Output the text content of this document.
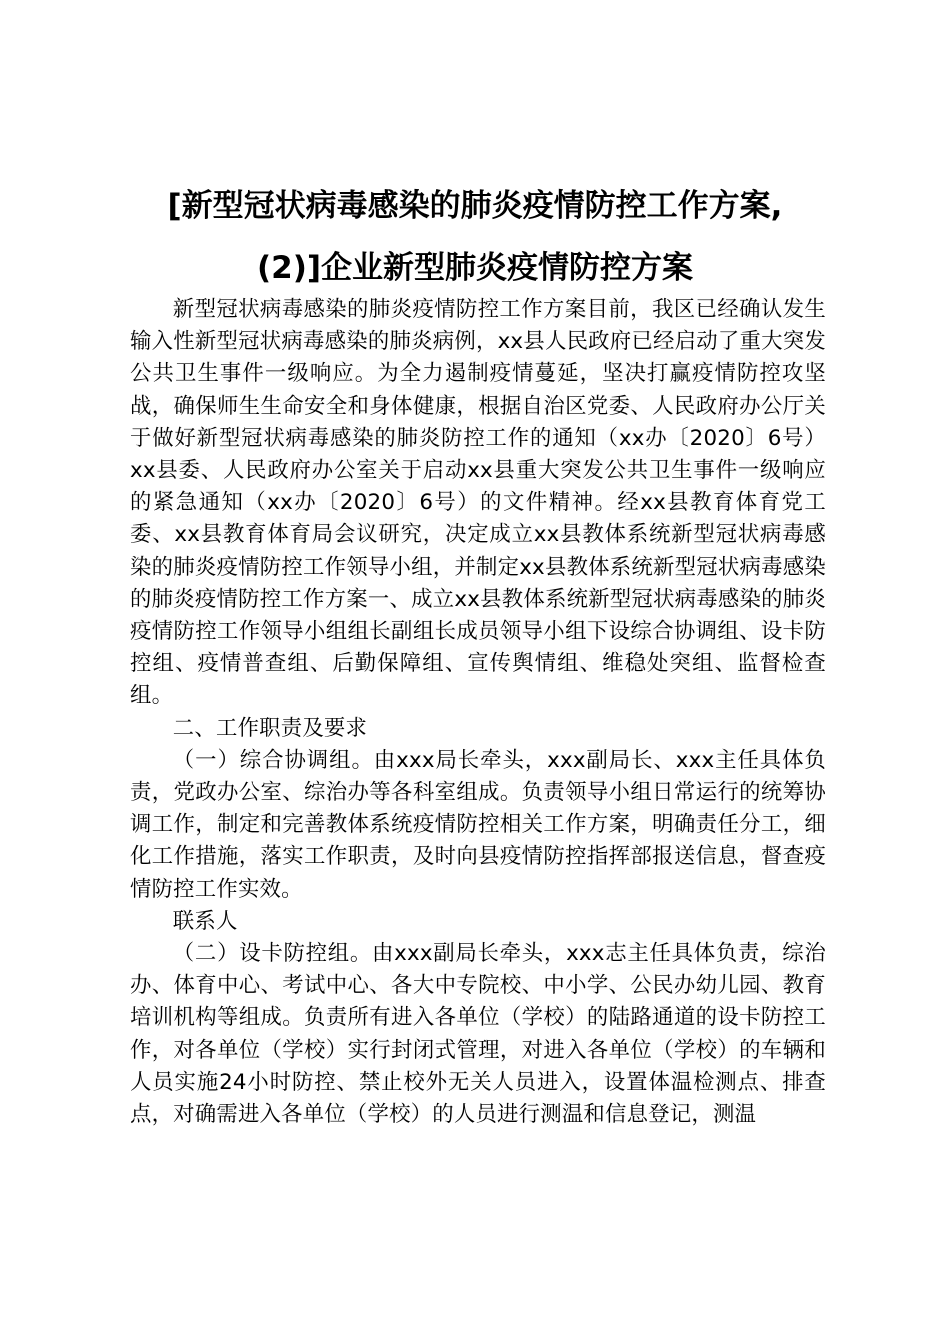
[新型冠状病毒感染的肺炎疫情防控工作方案,
(2)]企业新型肺炎疫情防控方案

新型冠状病毒感染的肺炎疫情防控工作方案目前，我区已经确认发生输入性新型冠状病毒感染的肺炎病例，xx县人民政府已经启动了重大突发公共卫生事件一级响应。为全力遏制疫情蔓延，坚决打赢疫情防控攻坚战，确保师生生命安全和身体健康，根据自治区党委、人民政府办公厅关于做好新型冠状病毒感染的肺炎防控工作的通知（xx办〔2020〕6号）xx县委、人民政府办公室关于启动xx县重大突发公共卫生事件一级响应的紧急通知（xx办〔2020〕6号）的文件精神。经xx县教育体育党工委、xx县教育体育局会议研究，决定成立xx县教体系统新型冠状病毒感染的肺炎疫情防控工作领导小组，并制定xx县教体系统新型冠状病毒感染的肺炎疫情防控工作方案一、成立xx县教体系统新型冠状病毒感染的肺炎疫情防控工作领导小组组长副组长成员领导小组下设综合协调组、设卡防控组、疫情普查组、后勤保障组、宣传舆情组、维稳处突组、监督检查组。

二、工作职责及要求

（一）综合协调组。由xxx局长牵头，xxx副局长、xxx主任具体负责，党政办公室、综治办等各科室组成。负责领导小组日常运行的统筹协调工作，制定和完善教体系统疫情防控相关工作方案，明确责任分工，细化工作措施，落实工作职责，及时向县疫情防控指挥部报送信息，督查疫情防控工作实效。

联系人

（二）设卡防控组。由xxx副局长牵头，xxx志主任具体负责，综治办、体育中心、考试中心、各大中专院校、中小学、公民办幼儿园、教育培训机构等组成。负责所有进入各单位（学校）的陆路通道的设卡防控工作，对各单位（学校）实行封闭式管理，对进入各单位（学校）的车辆和人员实施24小时防控、禁止校外无关人员进入，设置体温检测点、排查点，对确需进入各单位（学校）的人员进行测温和信息登记，测温
